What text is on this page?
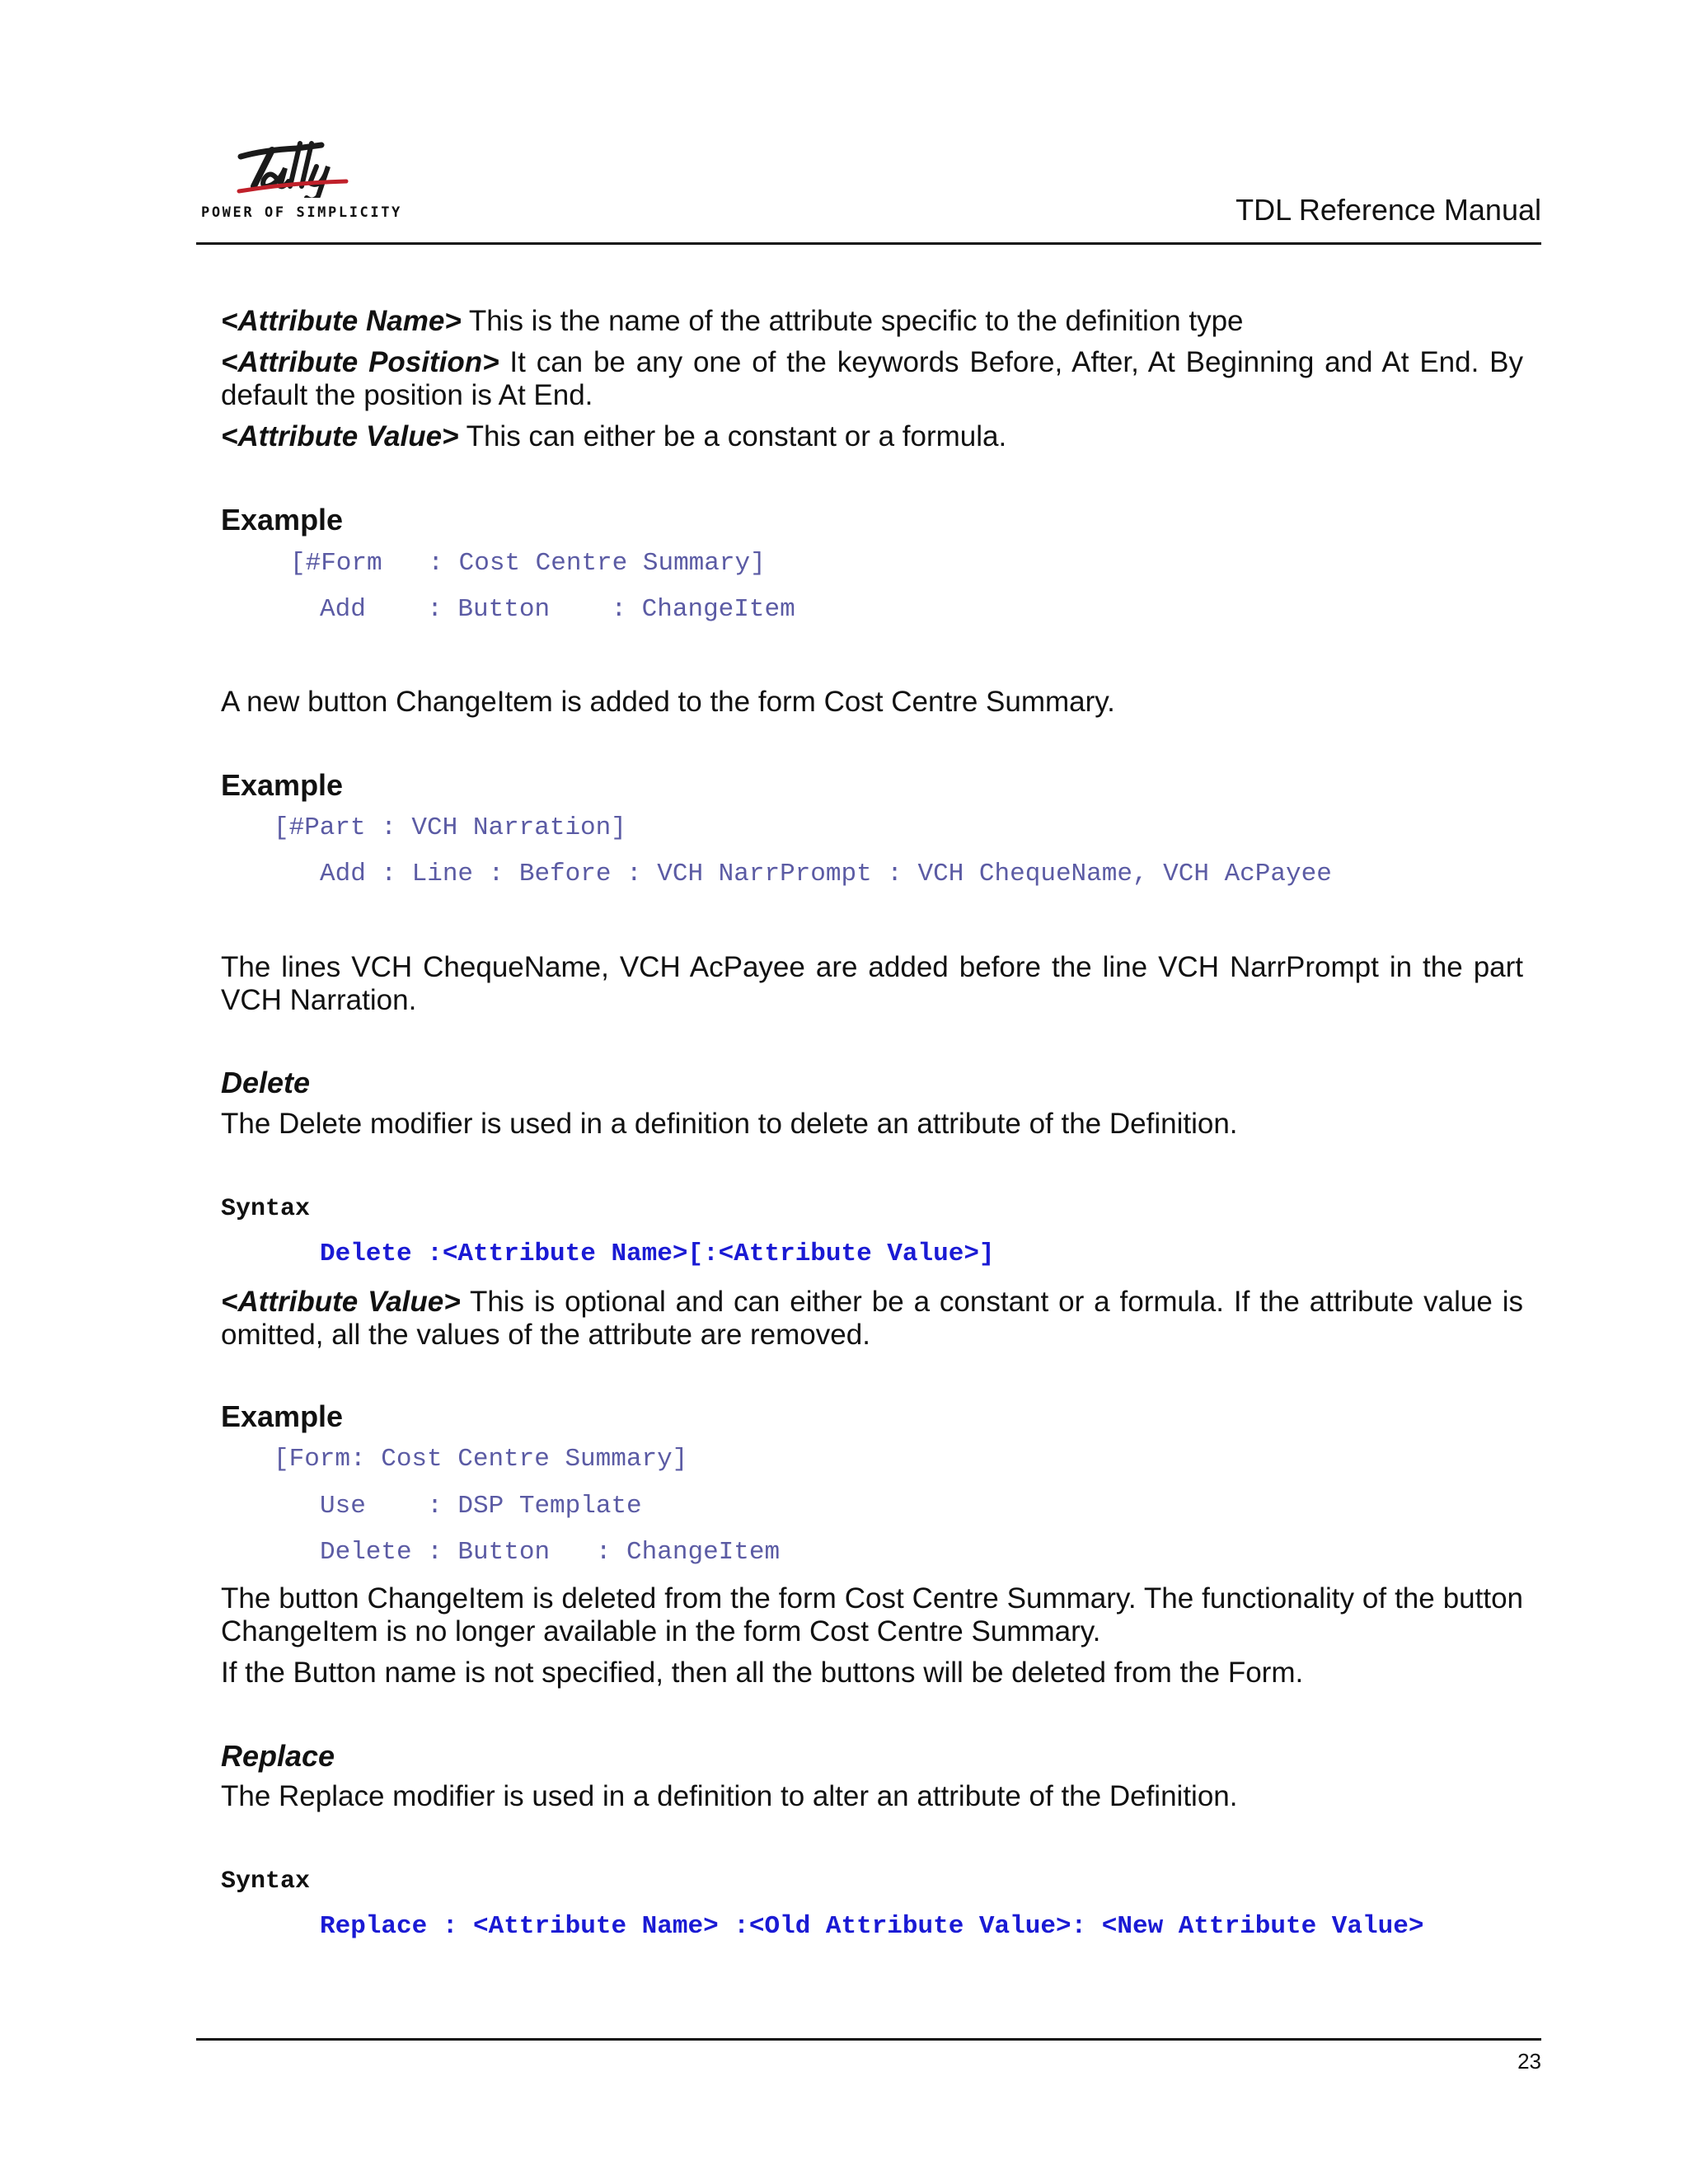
POWER OF SIMPLICITY	TDL Reference Manual

<Attribute Name> This is the name of the attribute specific to the definition type

<Attribute Position> It can be any one of the keywords Before, After, At Beginning and At End. By default the position is At End.

<Attribute Value> This can either be a constant or a formula.

Example
[#Form   : Cost Centre Summary]
Add    : Button    : ChangeItem

A new button ChangeItem is added to the form Cost Centre Summary.

Example
[#Part : VCH Narration]
Add : Line : Before : VCH NarrPrompt : VCH ChequeName, VCH AcPayee

The lines VCH ChequeName, VCH AcPayee are added before the line VCH NarrPrompt in the part VCH Narration.

Delete

The Delete modifier is used in a definition to delete an attribute of the Definition.

Syntax
Delete :<Attribute Name>[:<Attribute Value>]

<Attribute Value> This is optional and can either be a constant or a formula. If the attribute value is omitted, all the values of the attribute are removed.

Example
[Form: Cost Centre Summary]
Use    : DSP Template
Delete : Button   : ChangeItem

The button ChangeItem is deleted from the form Cost Centre Summary. The functionality of the button ChangeItem is no longer available in the form Cost Centre Summary.

If the Button name is not specified, then all the buttons will be deleted from the Form.

Replace

The Replace modifier is used in a definition to alter an attribute of the Definition.

Syntax
Replace : <Attribute Name> :<Old Attribute Value>: <New Attribute Value>
23
